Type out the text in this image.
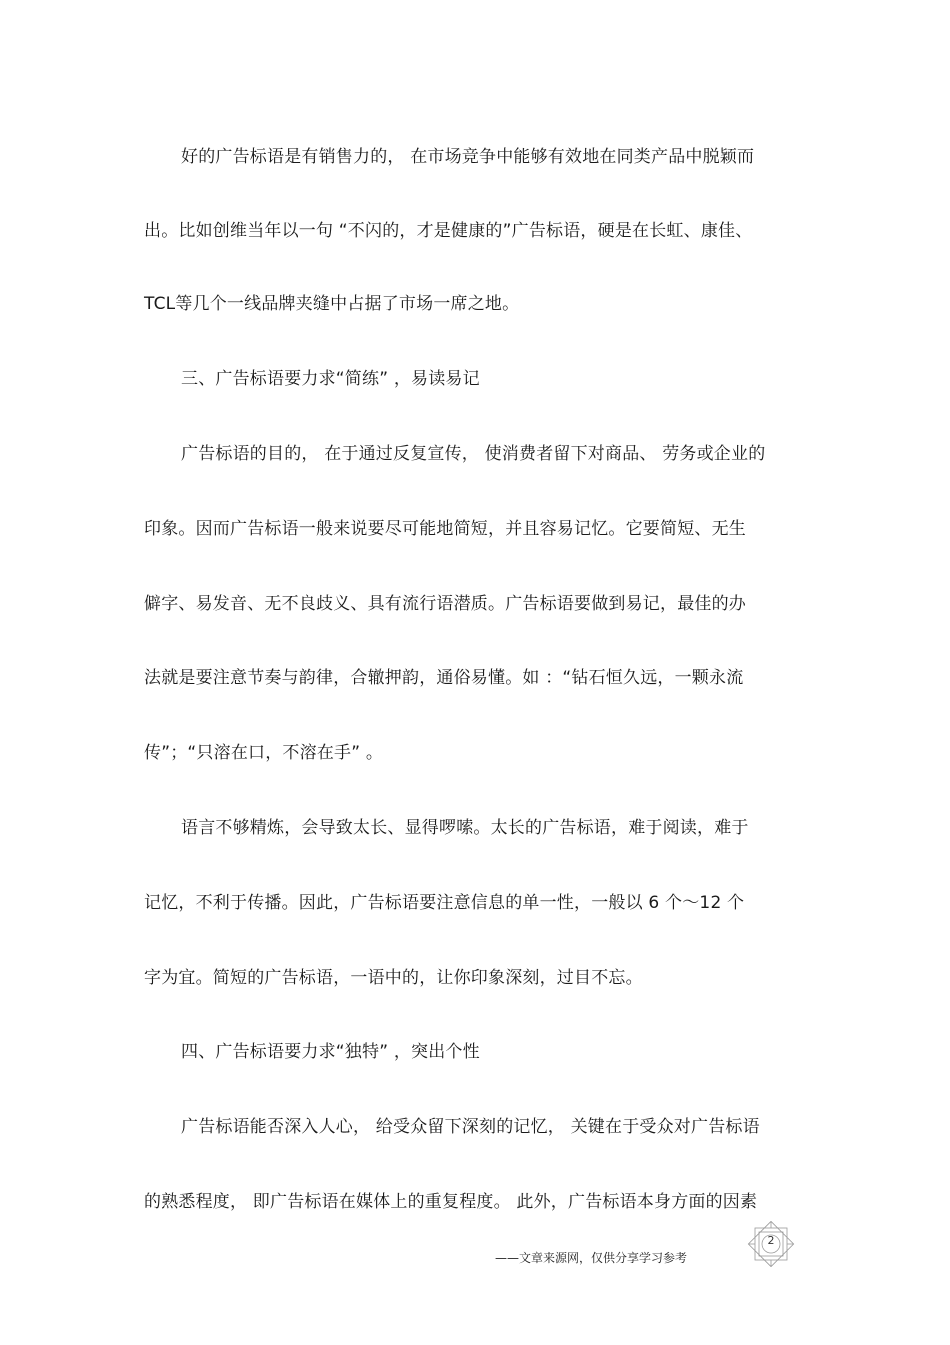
好的广告标语是有销售力的， 在市场竞争中能够有效地在同类产品中脱颖而
出。比如创维当年以一句 “不闪的，才是健康的”广告标语，硬是在长虹、康佳、
TCL等几个一线品牌夹缝中占据了市场一席之地。
三、广告标语要力求“简练” ，易读易记
广告标语的目的， 在于通过反复宣传， 使消费者留下对商品、 劳务或企业的
印象。因而广告标语一般来说要尽可能地简短，并且容易记忆。它要简短、无生
僻字、易发音、无不良歧义、具有流行语潜质。广告标语要做到易记，最佳的办
法就是要注意节奏与韵律，合辙押韵，通俗易懂。如 ：“钻石恒久远，一颗永流
传”；“只溶在口，不溶在手” 。
语言不够精炼，会导致太长、显得啰嗦。太长的广告标语，难于阅读，难于
记忆，不利于传播。因此，广告标语要注意信息的单一性，一般以 6 个～12 个
字为宜。简短的广告标语，一语中的，让你印象深刻，过目不忘。
四、广告标语要力求“独特” ，突出个性
广告标语能否深入人心， 给受众留下深刻的记忆， 关键在于受众对广告标语
的熟悉程度， 即广告标语在媒体上的重复程度。 此外，广告标语本身方面的因素
——文章来源网，仅供分享学习参考
2
